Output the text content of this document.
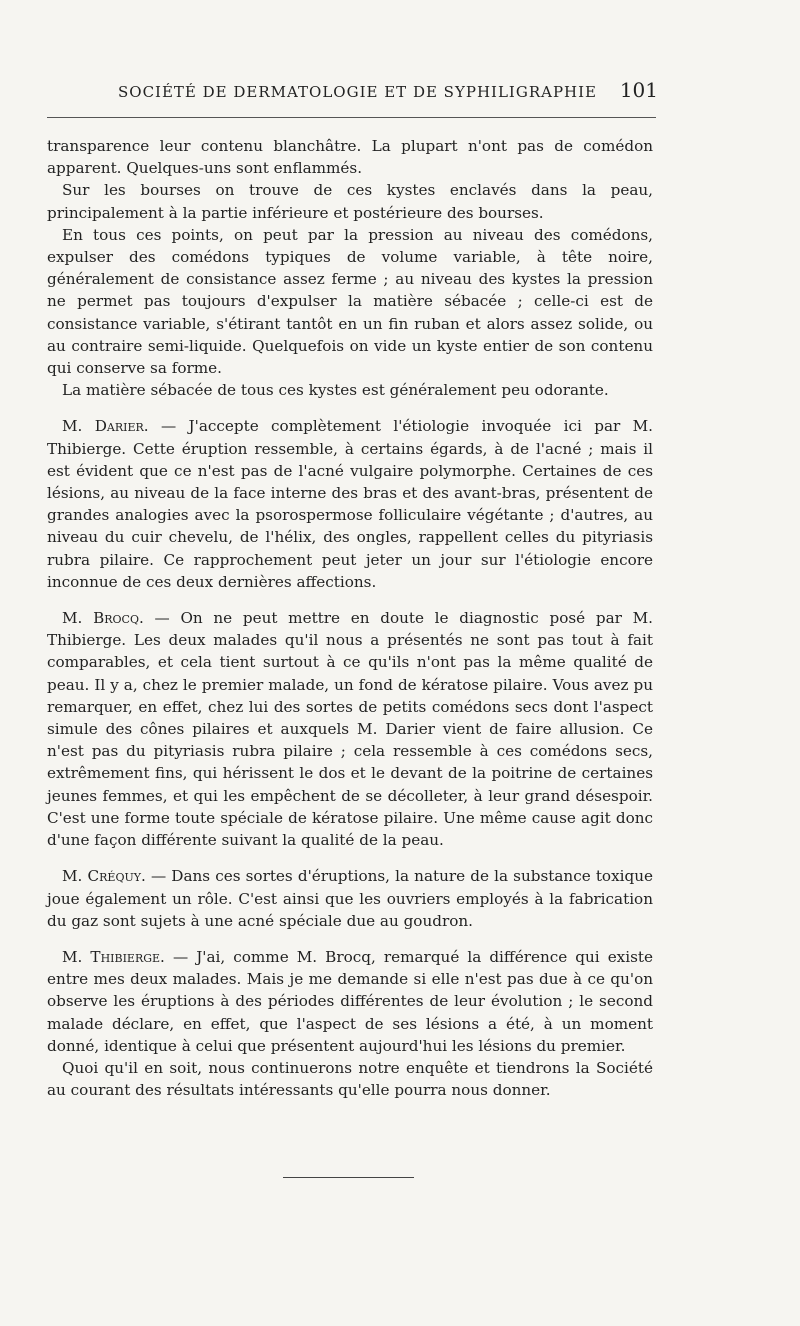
SOCIÉTÉ DE DERMATOLOGIE ET DE SYPHILIGRAPHIE 101

transparence leur contenu blanchâtre. La plupart n'ont pas de comédon apparent. Quelques-uns sont enflammés.

Sur les bourses on trouve de ces kystes enclavés dans la peau, principalement à la partie inférieure et postérieure des bourses.

En tous ces points, on peut par la pression au niveau des comédons, expulser des comédons typiques de volume variable, à tête noire, généralement de consistance assez ferme ; au niveau des kystes la pression ne permet pas toujours d'expulser la matière sébacée ; celle-ci est de consistance variable, s'étirant tantôt en un fin ruban et alors assez solide, ou au contraire semi-liquide. Quelquefois on vide un kyste entier de son contenu qui conserve sa forme.

La matière sébacée de tous ces kystes est généralement peu odorante.

M. Darier. — J'accepte complètement l'étiologie invoquée ici par M. Thibierge. Cette éruption ressemble, à certains égards, à de l'acné ; mais il est évident que ce n'est pas de l'acné vulgaire polymorphe. Certaines de ces lésions, au niveau de la face interne des bras et des avant-bras, présentent de grandes analogies avec la psorospermose folliculaire végétante ; d'autres, au niveau du cuir chevelu, de l'hélix, des ongles, rappellent celles du pityriasis rubra pilaire. Ce rapprochement peut jeter un jour sur l'étiologie encore inconnue de ces deux dernières affections.

M. Brocq. — On ne peut mettre en doute le diagnostic posé par M. Thibierge. Les deux malades qu'il nous a présentés ne sont pas tout à fait comparables, et cela tient surtout à ce qu'ils n'ont pas la même qualité de peau. Il y a, chez le premier malade, un fond de kératose pilaire. Vous avez pu remarquer, en effet, chez lui des sortes de petits comédons secs dont l'aspect simule des cônes pilaires et auxquels M. Darier vient de faire allusion. Ce n'est pas du pityriasis rubra pilaire ; cela ressemble à ces comédons secs, extrêmement fins, qui hérissent le dos et le devant de la poitrine de certaines jeunes femmes, et qui les empêchent de se décolleter, à leur grand désespoir. C'est une forme toute spéciale de kératose pilaire. Une même cause agit donc d'une façon différente suivant la qualité de la peau.

M. Créquy. — Dans ces sortes d'éruptions, la nature de la substance toxique joue également un rôle. C'est ainsi que les ouvriers employés à la fabrication du gaz sont sujets à une acné spéciale due au goudron.

M. Thibierge. — J'ai, comme M. Brocq, remarqué la différence qui existe entre mes deux malades. Mais je me demande si elle n'est pas due à ce qu'on observe les éruptions à des périodes différentes de leur évolution ; le second malade déclare, en effet, que l'aspect de ses lésions a été, à un moment donné, identique à celui que présentent aujourd'hui les lésions du premier.

Quoi qu'il en soit, nous continuerons notre enquête et tiendrons la Société au courant des résultats intéressants qu'elle pourra nous donner.
